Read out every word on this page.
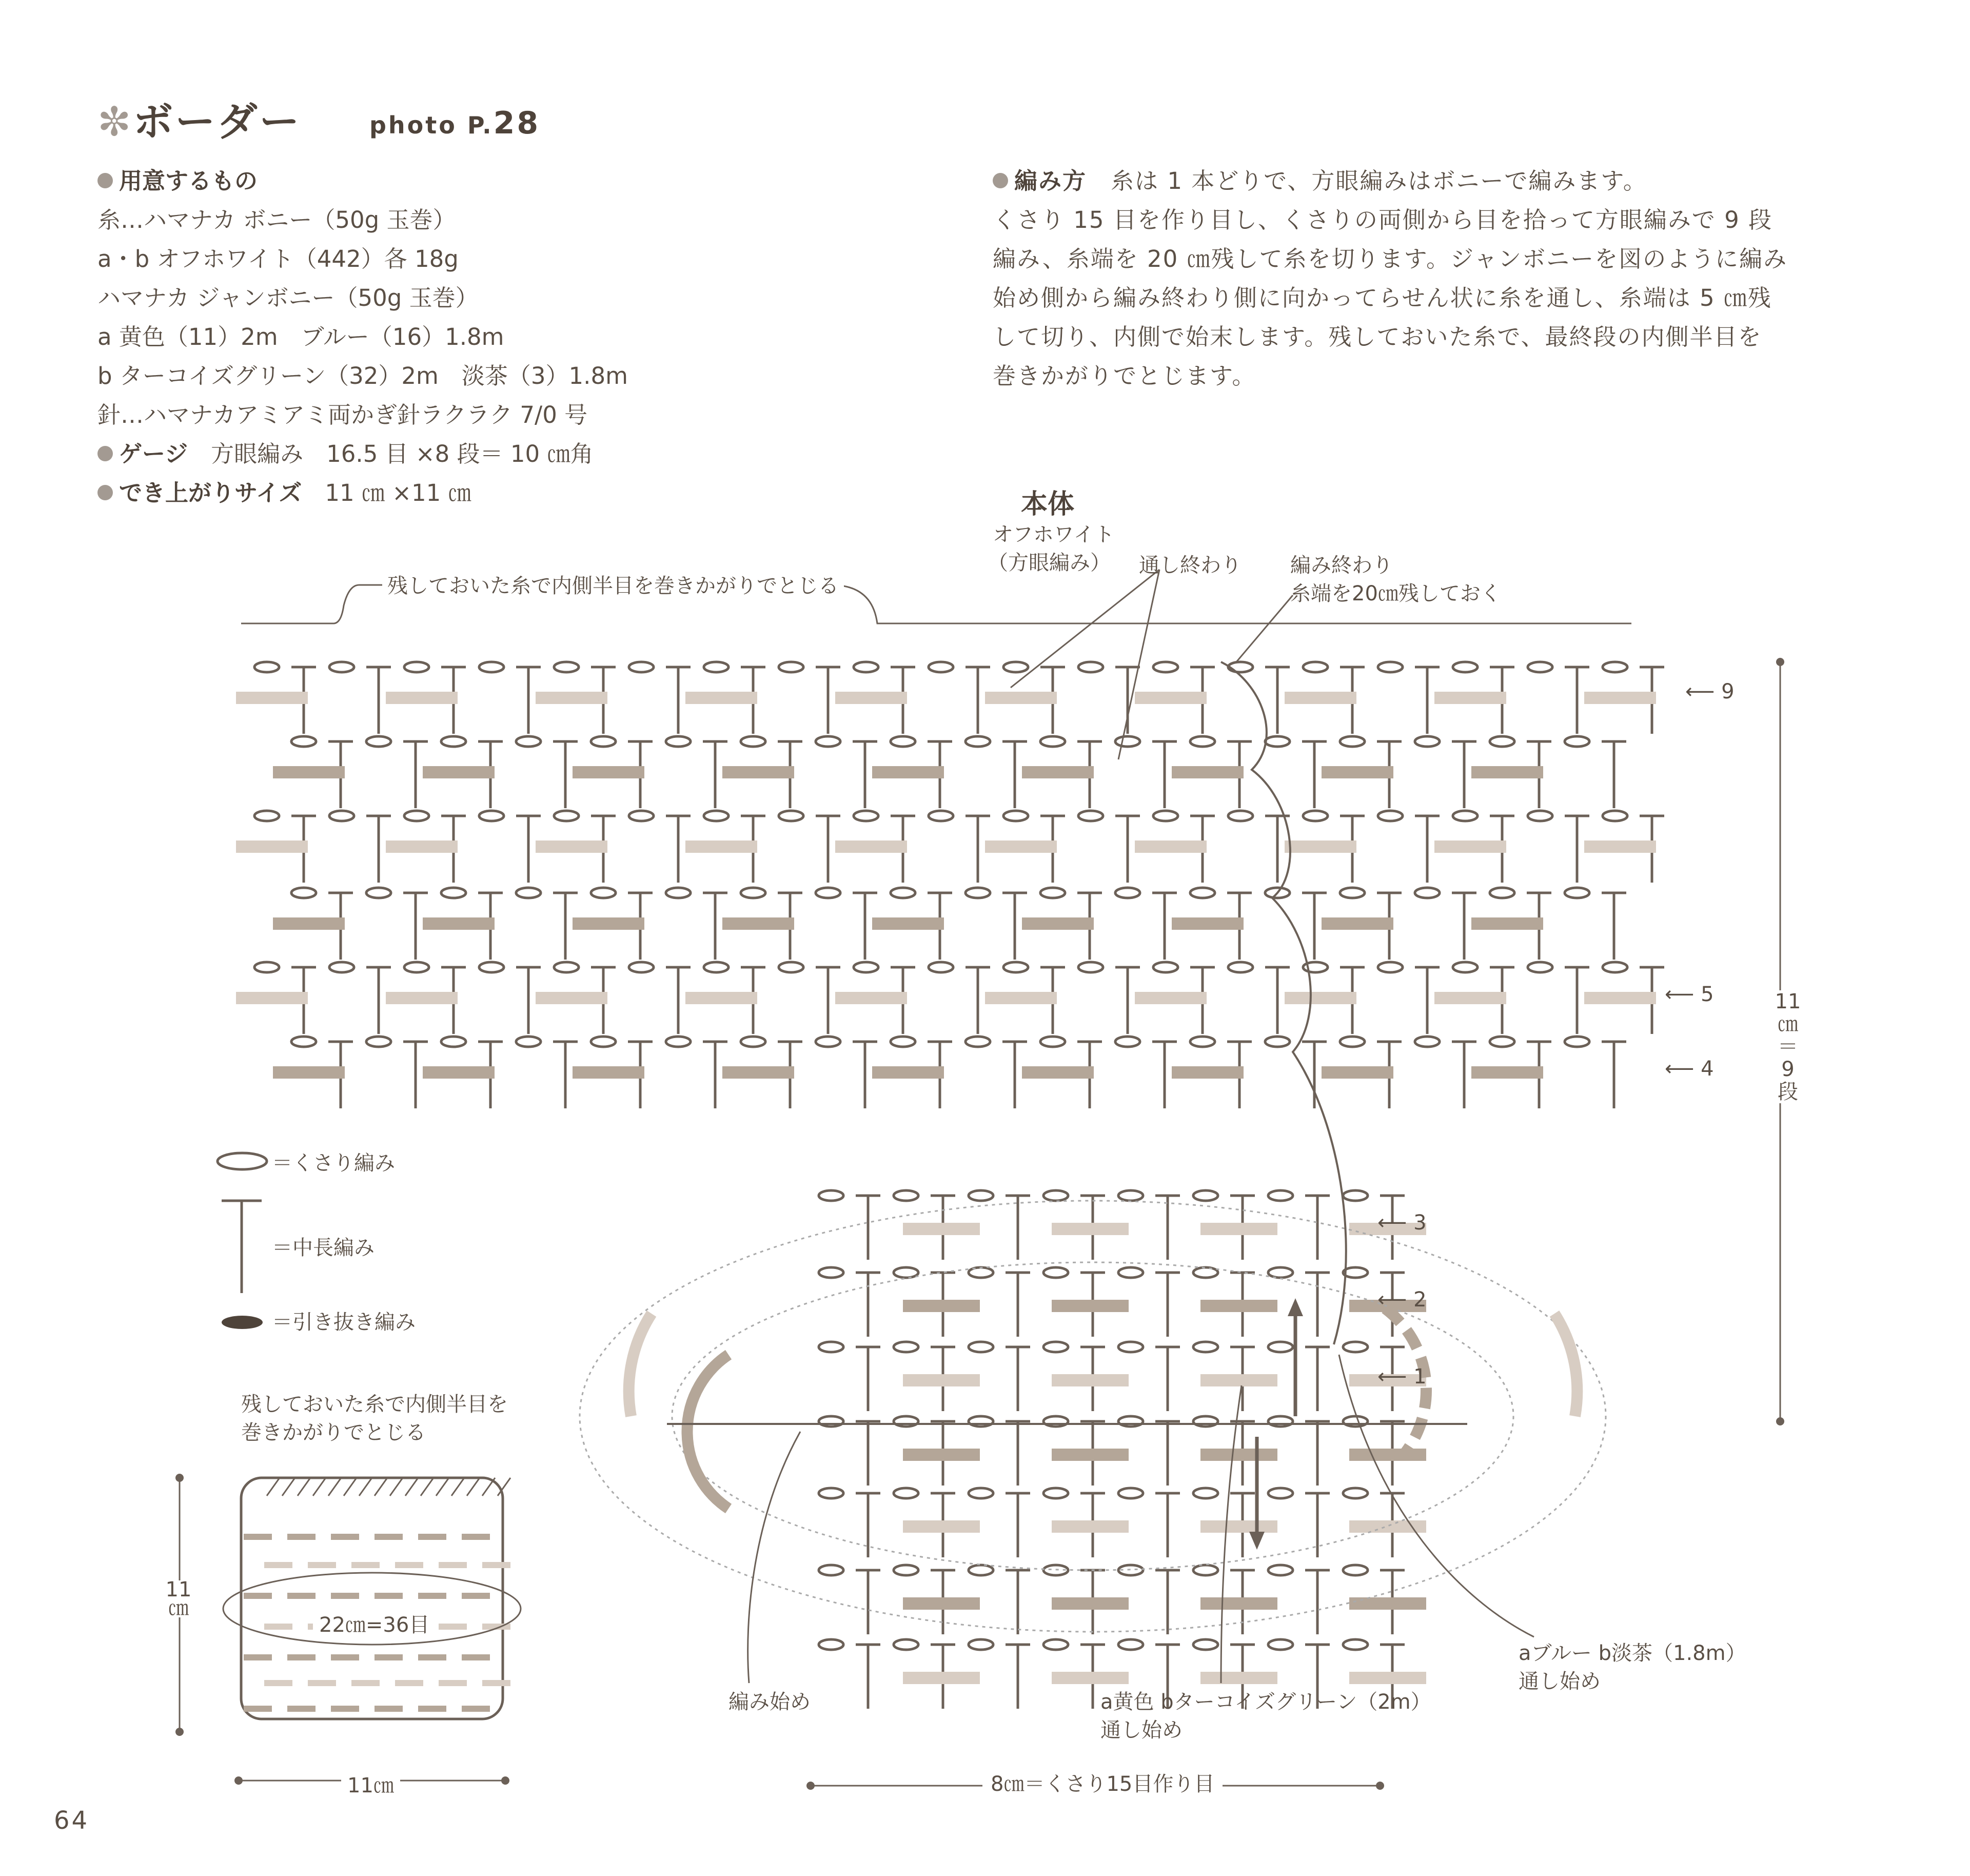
✼ボーダー	photo P.28
用意するもの
糸…ハマナカ ボニー（50g 玉巻）
a・b オフホワイト（442）各 18g
ハマナカ ジャンボニー（50g 玉巻）
a 黄色（11）2m　ブルー（16）1.8m
b ターコイズグリーン（32）2m　淡茶（3）1.8m
針…ハマナカアミアミ両かぎ針ラクラク 7/0 号
ゲージ　 方眼編み　16.5 目 ×8 段＝ 10 ㎝角
でき上がりサイズ　 11 ㎝ ×11 ㎝
編み方　 糸は 1 本どりで、方眼編みはボニーで編みます。
くさり 15 目を作り目し、くさりの両側から目を拾って方眼編みで 9 段
編み、糸端を 20 ㎝残して糸を切ります。ジャンボニーを図のように編み
始め側から編み終わり側に向かってらせん状に糸を通し、糸端は 5 ㎝残
して切り、内側で始末します。残しておいた糸で、最終段の内側半目を
巻きかがりでとじます。
本体
オフホワイト
（方眼編み）
残しておいた糸で内側半目を巻きかがりでとじる
通し終わり 編み終わり
糸端を20㎝残しておく
⟵ 9
⟵ 5
⟵ 4
⟵ 3
⟵ 2
⟵ 1
11
㎝
＝
9
段
編み始め	a黄色 bターコイズグリーン（2m）
通し始め
aブルー b淡茶（1.8m）
通し始め
8㎝＝くさり15目作り目
＝くさり編み
＝中長編み
＝引き抜き編み
残しておいた糸で内側半目を
巻きかがりでとじる
22㎝=36目
11
㎝
11㎝
64
